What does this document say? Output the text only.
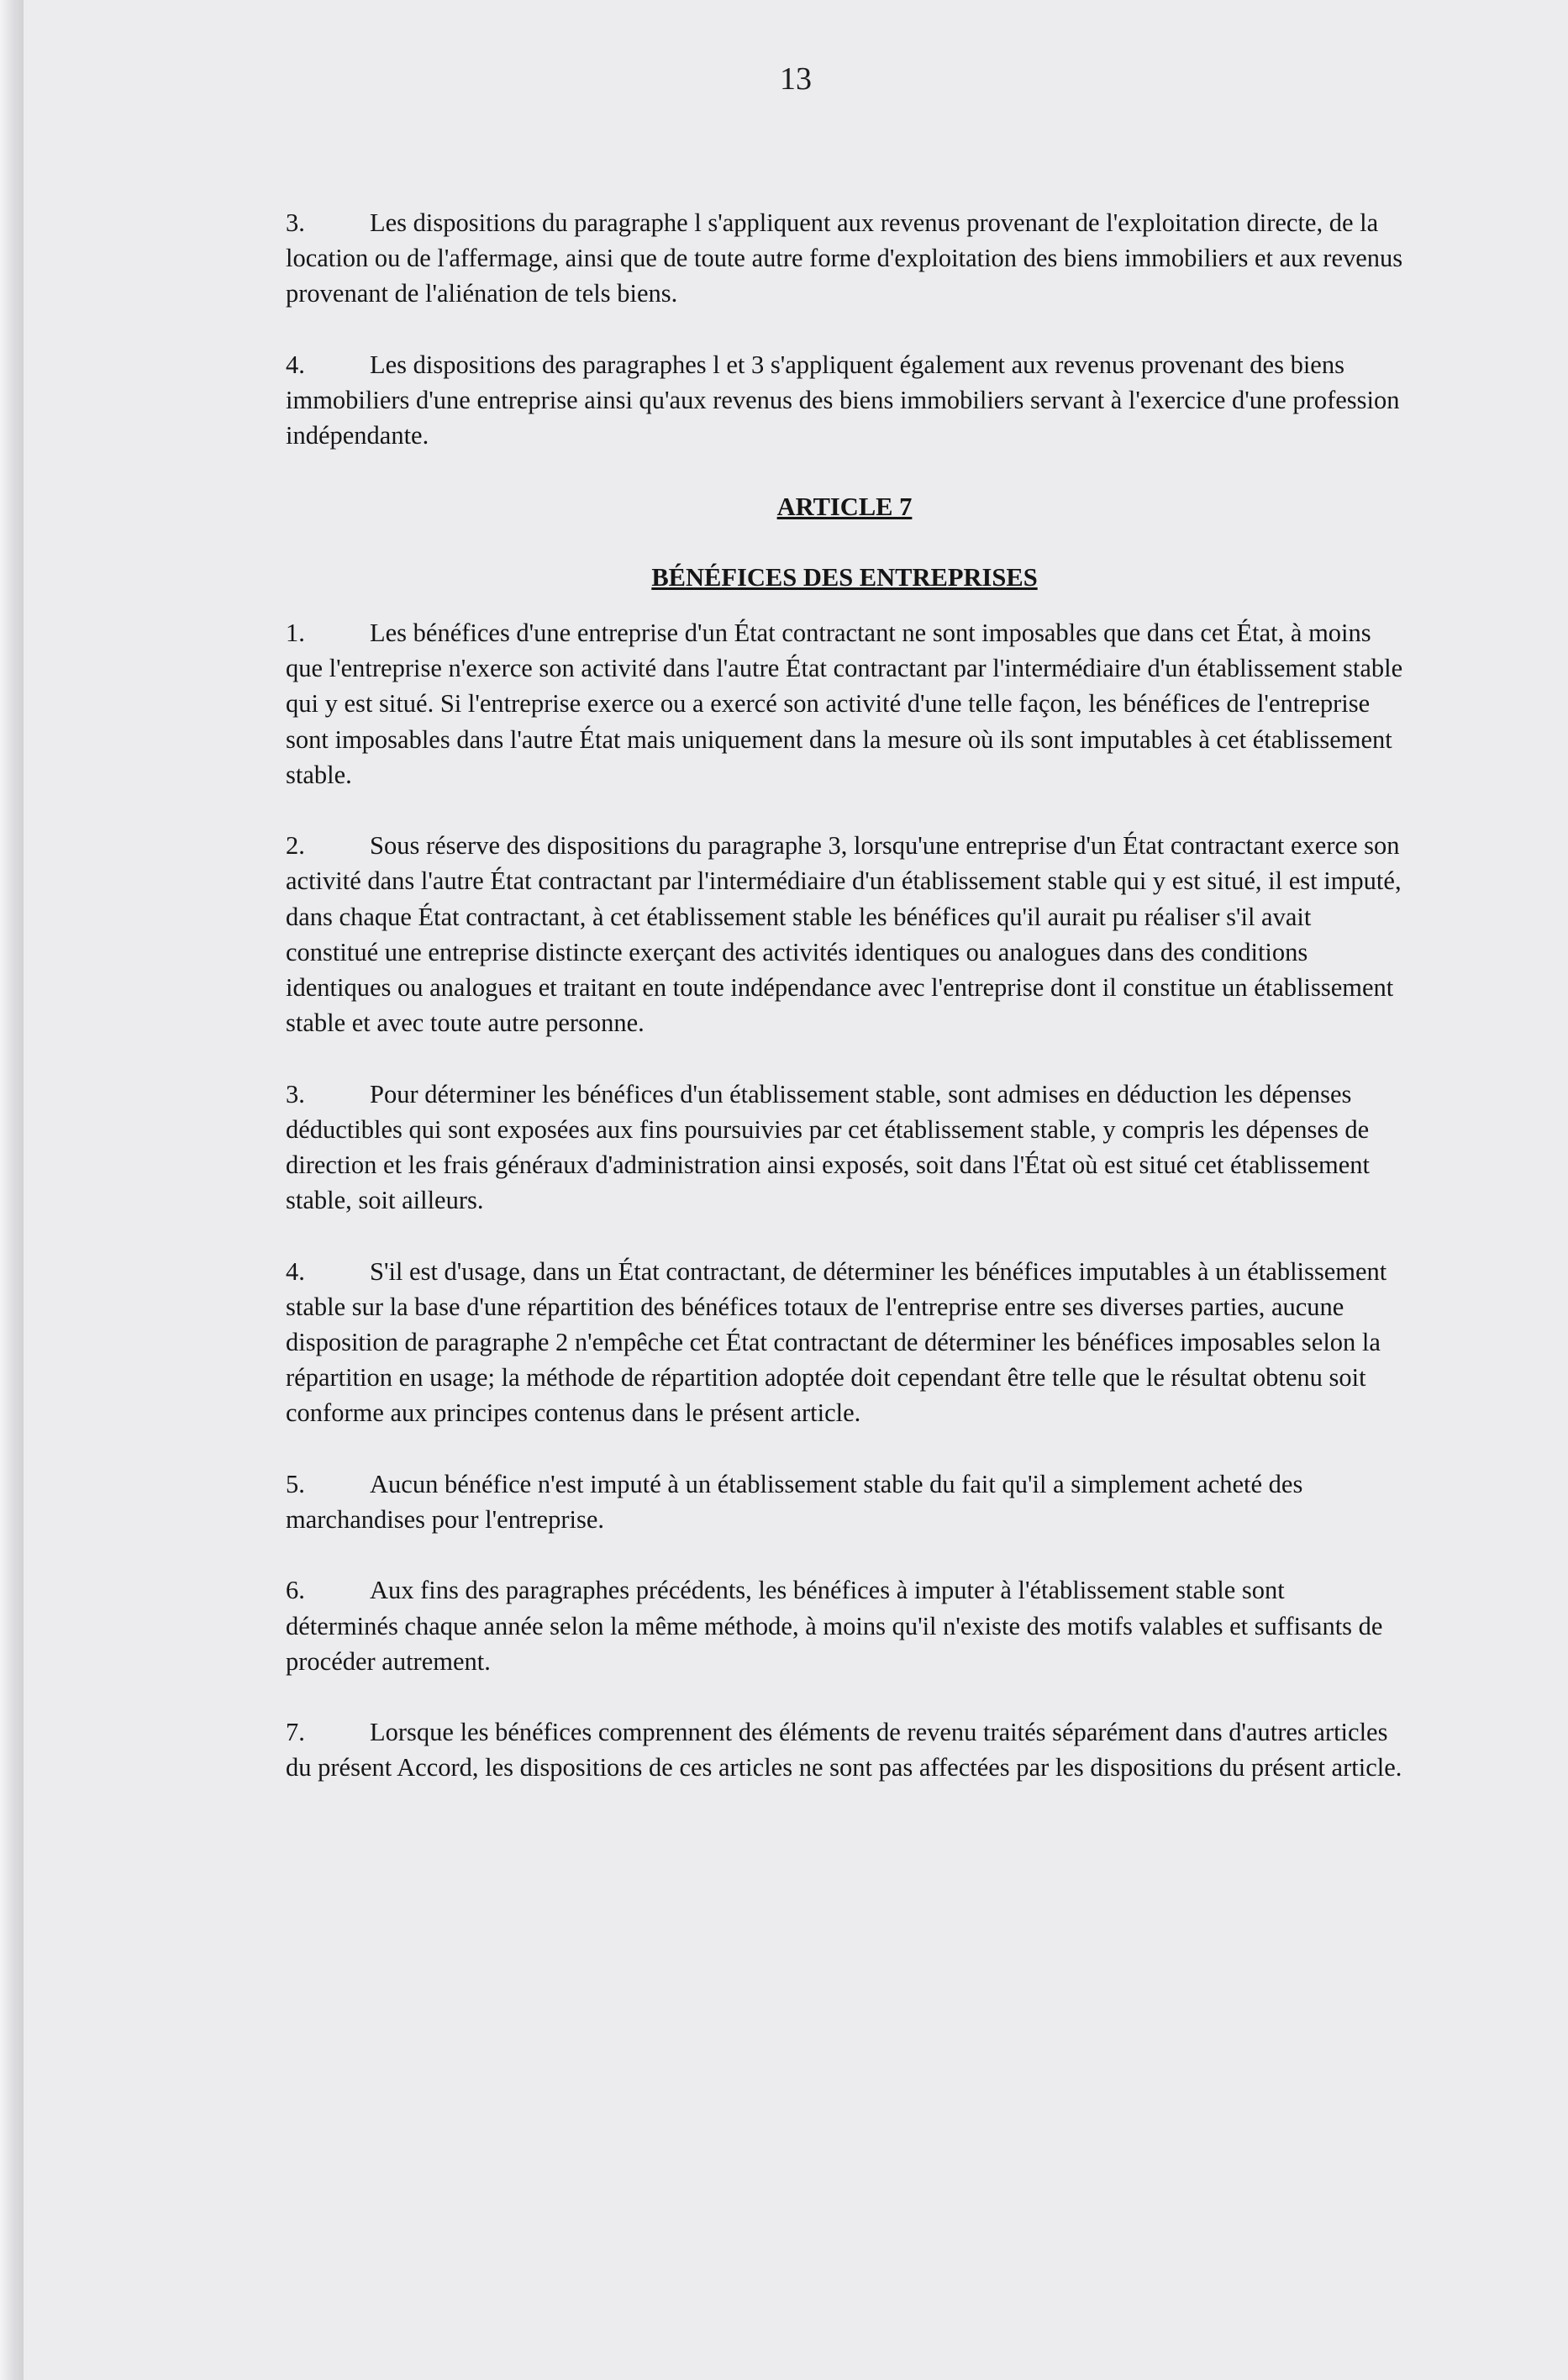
13

3.	Les dispositions du paragraphe l s'appliquent aux revenus provenant de l'exploitation directe, de la location ou de l'affermage, ainsi que de toute autre forme d'exploitation des biens immobiliers et aux revenus provenant de l'aliénation de tels biens.

4.	Les dispositions des paragraphes l et 3 s'appliquent également aux revenus provenant des biens immobiliers d'une entreprise ainsi qu'aux revenus des biens immobiliers servant à l'exercice d'une profession indépendante.

ARTICLE 7

BÉNÉFICES DES ENTREPRISES

1.	Les bénéfices d'une entreprise d'un État contractant ne sont imposables que dans cet État, à moins que l'entreprise n'exerce son activité dans l'autre État contractant par l'intermédiaire d'un établissement stable qui y est situé. Si l'entreprise exerce ou a exercé son activité d'une telle façon, les bénéfices de l'entreprise sont imposables dans l'autre État mais uniquement dans la mesure où ils sont imputables à cet établissement stable.

2.	Sous réserve des dispositions du paragraphe 3, lorsqu'une entreprise d'un État contractant exerce son activité dans l'autre État contractant par l'intermédiaire d'un établissement stable qui y est situé, il est imputé, dans chaque État contractant, à cet établissement stable les bénéfices qu'il aurait pu réaliser s'il avait constitué une entreprise distincte exerçant des activités identiques ou analogues dans des conditions identiques ou analogues et traitant en toute indépendance avec l'entreprise dont il constitue un établissement stable et avec toute autre personne.

3.	Pour déterminer les bénéfices d'un établissement stable, sont admises en déduction les dépenses déductibles qui sont exposées aux fins poursuivies par cet établissement stable, y compris les dépenses de direction et les frais généraux d'administration ainsi exposés, soit dans l'État où est situé cet établissement stable, soit ailleurs.

4.	S'il est d'usage, dans un État contractant, de déterminer les bénéfices imputables à un établissement stable sur la base d'une répartition des bénéfices totaux de l'entreprise entre ses diverses parties, aucune disposition de paragraphe 2 n'empêche cet État contractant de déterminer les bénéfices imposables selon la répartition en usage; la méthode de répartition adoptée doit cependant être telle que le résultat obtenu soit conforme aux principes contenus dans le présent article.

5.	Aucun bénéfice n'est imputé à un établissement stable du fait qu'il a simplement acheté des marchandises pour l'entreprise.

6.	Aux fins des paragraphes précédents, les bénéfices à imputer à l'établissement stable sont déterminés chaque année selon la même méthode, à moins qu'il n'existe des motifs valables et suffisants de procéder autrement.

7.	Lorsque les bénéfices comprennent des éléments de revenu traités séparément dans d'autres articles du présent Accord, les dispositions de ces articles ne sont pas affectées par les dispositions du présent article.
